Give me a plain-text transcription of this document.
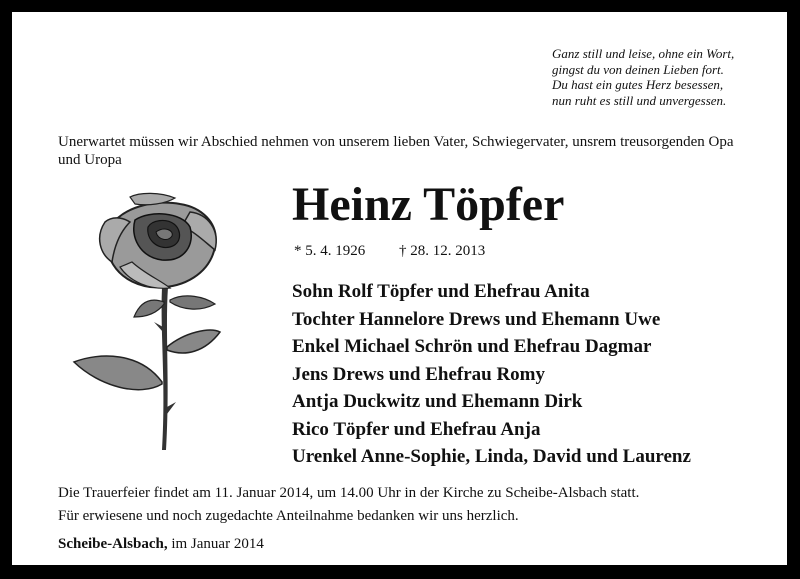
Ganz still und leise, ohne ein Wort,
gingst du von deinen Lieben fort.
Du hast ein gutes Herz besessen,
nun ruht es still und unvergessen.
Unerwartet müssen wir Abschied nehmen von unserem lieben Vater, Schwiegervater, unsrem treusorgenden Opa und Uropa
Heinz Töpfer
* 5. 4. 1926 † 28. 12. 2013
Sohn Rolf Töpfer und Ehefrau Anita
Tochter Hannelore Drews und Ehemann Uwe
Enkel Michael Schrön und Ehefrau Dagmar
Jens Drews und Ehefrau Romy
Antja Duckwitz und Ehemann Dirk
Rico Töpfer und Ehefrau Anja
Urenkel Anne-Sophie, Linda, David und Laurenz
Die Trauerfeier findet am 11. Januar 2014, um 14.00 Uhr in der Kirche zu Scheibe-Alsbach statt.
Für erwiesene und noch zugedachte Anteilnahme bedanken wir uns herzlich.
Scheibe-Alsbach, im Januar 2014
